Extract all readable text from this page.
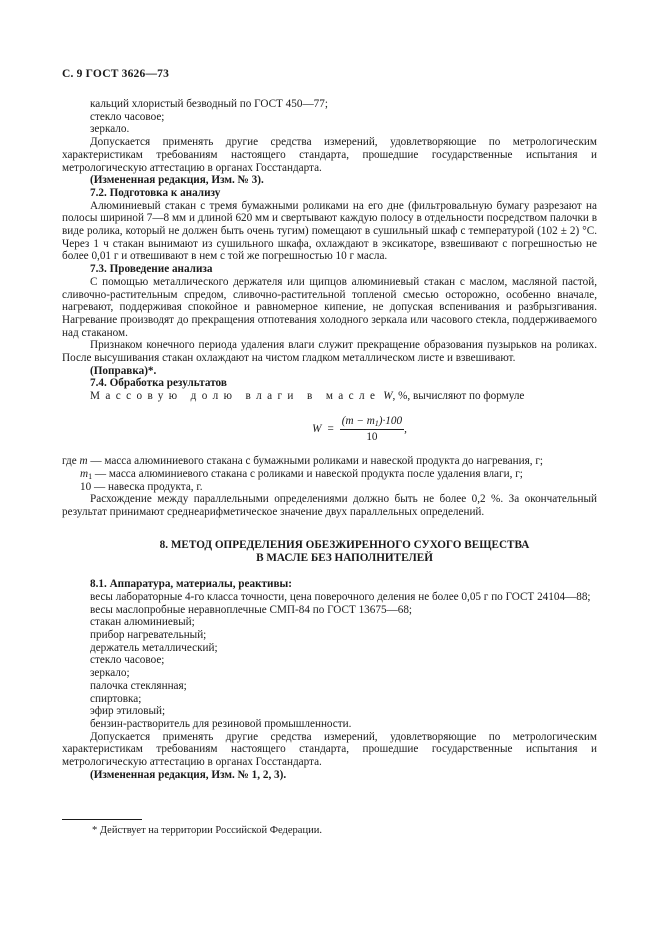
С. 9 ГОСТ 3626—73

кальций хлористый безводный по ГОСТ 450—77;

стекло часовое;

зеркало.

Допускается применять другие средства измерений, удовлетворяющие по метрологическим характеристикам требованиям настоящего стандарта, прошедшие государственные испытания и метрологическую аттестацию в органах Госстандарта.

(Измененная редакция, Изм. № 3).

7.2. Подготовка к анализу

Алюминиевый стакан с тремя бумажными роликами на его дне (фильтровальную бумагу разрезают на полосы шириной 7—8 мм и длиной 620 мм и свертывают каждую полосу в отдельности посредством палочки в виде ролика, который не должен быть очень тугим) помещают в сушильный шкаф с температурой (102 ± 2) °С. Через 1 ч стакан вынимают из сушильного шкафа, охлаждают в эксикаторе, взвешивают с погрешностью не более 0,01 г и отвешивают в нем с той же погрешностью 10 г масла.

7.3. Проведение анализа

С помощью металлического держателя или щипцов алюминиевый стакан с маслом, масляной пастой, сливочно-растительным спредом, сливочно-растительной топленой смесью осторожно, особенно вначале, нагревают, поддерживая спокойное и равномерное кипение, не допуская вспенивания и разбрызгивания. Нагревание производят до прекращения отпотевания холодного зеркала или часового стекла, поддерживаемого над стаканом.

Признаком конечного периода удаления влаги служит прекращение образования пузырьков на роликах. После высушивания стакан охлаждают на чистом гладком металлическом листе и взвешивают.

(Поправка)*.

7.4. Обработка результатов

Массовую долю влаги в масле W, %, вычисляют по формуле

$W = \frac{(m - m_1)\cdot 100}{10}$ ,

где m — масса алюминиевого стакана с бумажными роликами и навеской продукта до нагревания, г;

$m_1$ — масса алюминиевого стакана с роликами и навеской продукта после удаления влаги, г;

10 — навеска продукта, г.

Расхождение между параллельными определениями должно быть не более 0,2 %. За окончательный результат принимают среднеарифметическое значение двух параллельных определений.

8. МЕТОД ОПРЕДЕЛЕНИЯ ОБЕЗЖИРЕННОГО СУХОГО ВЕЩЕСТВА
В МАСЛЕ БЕЗ НАПОЛНИТЕЛЕЙ

8.1. Аппаратура, материалы, реактивы:

весы лабораторные 4-го класса точности, цена поверочного деления не более 0,05 г по ГОСТ 24104—88;

весы маслопробные неравноплечные СМП-84 по ГОСТ 13675—68;

стакан алюминиевый;

прибор нагревательный;

держатель металлический;

стекло часовое;

зеркало;

палочка стеклянная;

спиртовка;

эфир этиловый;

бензин-растворитель для резиновой промышленности.

Допускается применять другие средства измерений, удовлетворяющие по метрологическим характеристикам требованиям настоящего стандарта, прошедшие государственные испытания и метрологическую аттестацию в органах Госстандарта.

(Измененная редакция, Изм. № 1, 2, 3).

* Действует на территории Российской Федерации.
